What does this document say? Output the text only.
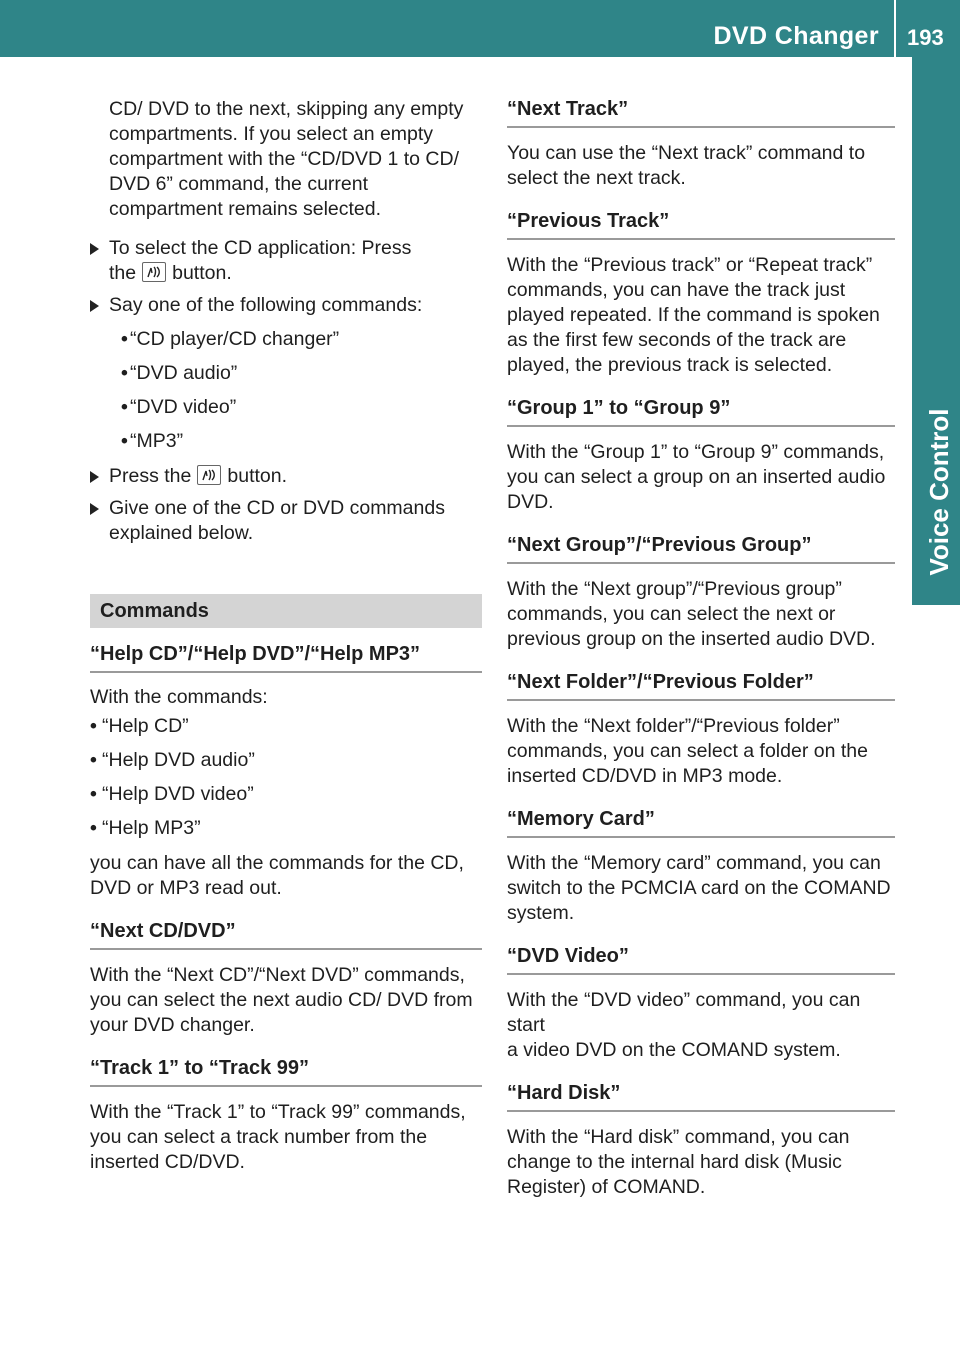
DVD Changer 193
Voice Control
CD/ DVD to the next, skipping any empty
compartments. If you select an empty
compartment with the “CD/DVD 1 to CD/
DVD 6” command, the current
compartment remains selected.
To select the CD application: Press
the button.
Say one of the following commands:
• “CD player/CD changer”
• “DVD audio”
• “DVD video”
• “MP3”
Press the button.
Give one of the CD or DVD commands
explained below.
Commands
“Help CD”/“Help DVD”/“Help MP3”
With the commands:
• “Help CD”
• “Help DVD audio”
• “Help DVD video”
• “Help MP3”
you can have all the commands for the CD,
DVD or MP3 read out.
“Next CD/DVD”
With the “Next CD”/“Next DVD” commands,
you can select the next audio CD/ DVD from
your DVD changer.
“Track 1” to “Track 99”
With the “Track 1” to “Track 99” commands,
you can select a track number from the
inserted CD/DVD.
“Next Track”
You can use the “Next track” command to
select the next track.
“Previous Track”
With the “Previous track” or “Repeat track”
commands, you can have the track just
played repeated. If the command is spoken
as the first few seconds of the track are
played, the previous track is selected.
“Group 1” to “Group 9”
With the “Group 1” to “Group 9” commands,
you can select a group on an inserted audio
DVD.
“Next Group”/“Previous Group”
With the “Next group”/“Previous group”
commands, you can select the next or
previous group on the inserted audio DVD.
“Next Folder”/“Previous Folder”
With the “Next folder”/“Previous folder”
commands, you can select a folder on the
inserted CD/DVD in MP3 mode.
“Memory Card”
With the “Memory card” command, you can
switch to the PCMCIA card on the COMAND
system.
“DVD Video”
With the “DVD video” command, you can start
a video DVD on the COMAND system.
“Hard Disk”
With the “Hard disk” command, you can
change to the internal hard disk (Music
Register) of COMAND.
